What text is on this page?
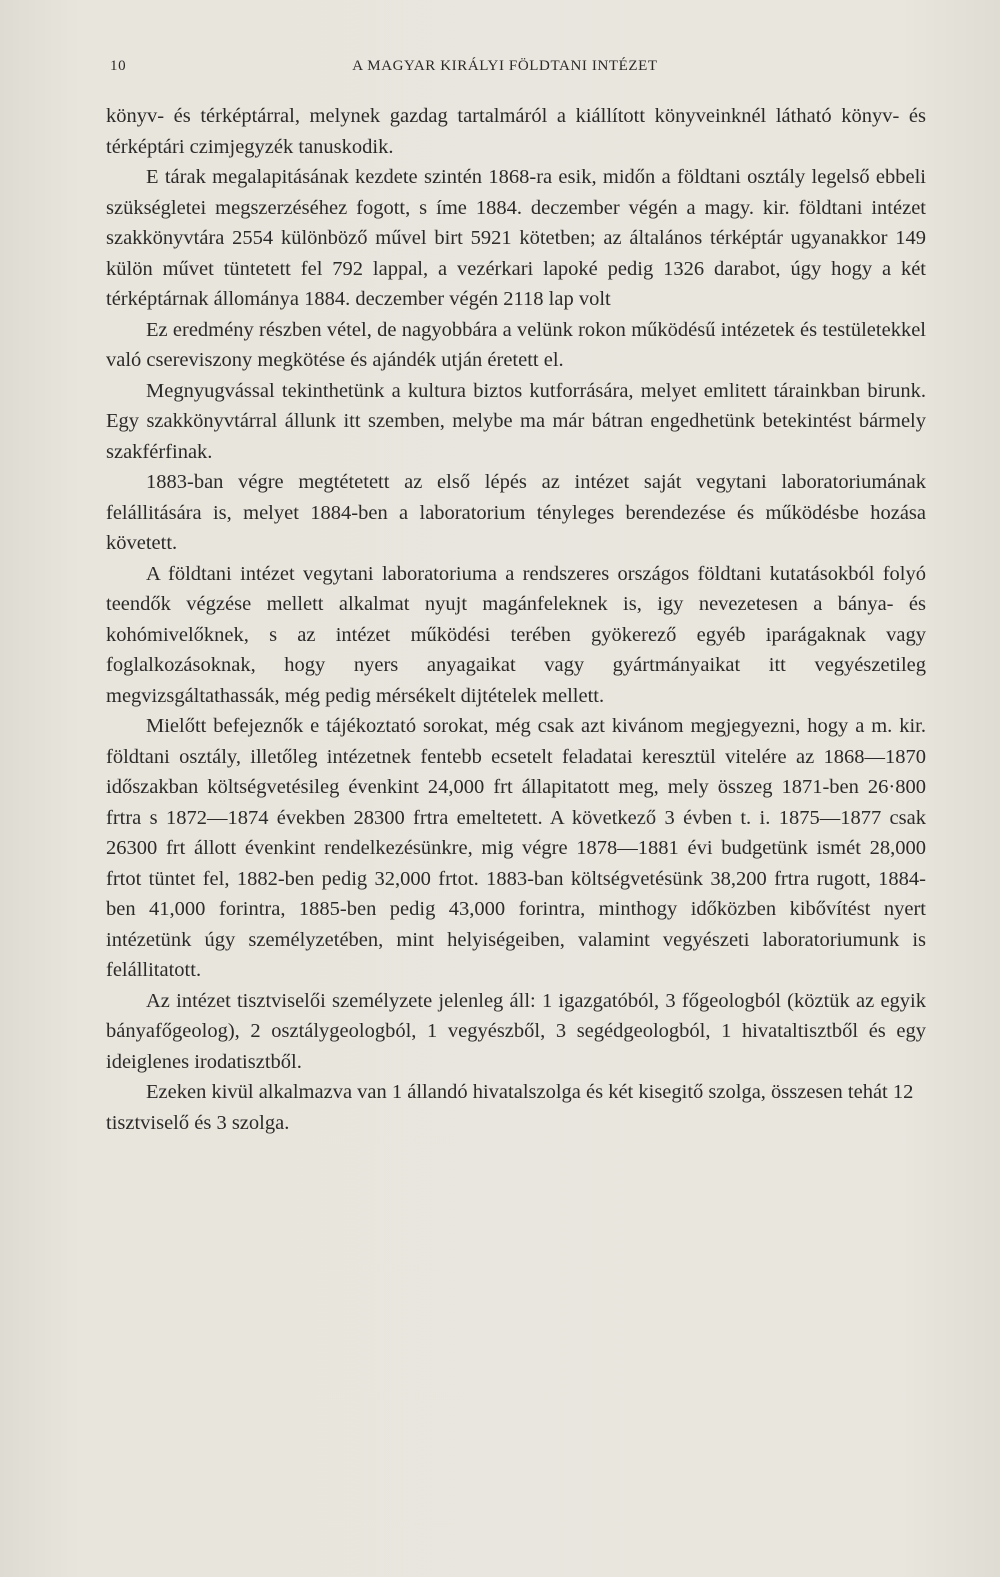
10	A MAGYAR KIRÁLYI FÖLDTANI INTÉZET

könyv- és térképtárral, melynek gazdag tartalmáról a kiállított könyveinknél látható könyv- és térképtári czimjegyzék tanuskodik.

E tárak megalapitásának kezdete szintén 1868-ra esik, midőn a földtani osztály legelső ebbeli szükségletei megszerzéséhez fogott, s íme 1884. deczember végén a magy. kir. földtani intézet szakkönyvtára 2554 különböző művel birt 5921 kötetben; az általános térképtár ugyanakkor 149 külön művet tüntetett fel 792 lappal, a vezérkari lapoké pedig 1326 darabot, úgy hogy a két térképtárnak állománya 1884. deczember végén 2118 lap volt

Ez eredmény részben vétel, de nagyobbára a velünk rokon működésű intézetek és testületekkel való csereviszony megkötése és ajándék utján éretett el.

Megnyugvással tekinthetünk a kultura biztos kutforrására, melyet emlitett tárainkban birunk. Egy szakkönyvtárral állunk itt szemben, melybe ma már bátran engedhetünk betekintést bármely szakférfinak.

1883-ban végre megtétetett az első lépés az intézet saját vegytani laboratoriumának felállitására is, melyet 1884-ben a laboratorium tényleges berendezése és működésbe hozása követett.

A földtani intézet vegytani laboratoriuma a rendszeres országos földtani kutatásokból folyó teendők végzése mellett alkalmat nyujt magánfeleknek is, igy nevezetesen a bánya- és kohómivelőknek, s az intézet működési terében gyökerező egyéb iparágaknak vagy foglalkozásoknak, hogy nyers anyagaikat vagy gyártmányaikat itt vegyészetileg megvizsgáltathassák, még pedig mérsékelt dijtételek mellett.

Mielőtt befejeznők e tájékoztató sorokat, még csak azt kivánom megjegyezni, hogy a m. kir. földtani osztály, illetőleg intézetnek fentebb ecsetelt feladatai keresztül vitelére az 1868—1870 időszakban költségvetésileg évenkint 24,000 frt állapitatott meg, mely összeg 1871-ben 26·800 frtra s 1872—1874 években 28300 frtra emeltetett. A következő 3 évben t. i. 1875—1877 csak 26300 frt állott évenkint rendelkezésünkre, mig végre 1878—1881 évi budgetünk ismét 28,000 frtot tüntet fel, 1882-ben pedig 32,000 frtot. 1883-ban költségvetésünk 38,200 frtra rugott, 1884-ben 41,000 forintra, 1885-ben pedig 43,000 forintra, minthogy időközben kibővítést nyert intézetünk úgy személyzetében, mint helyiségeiben, valamint vegyészeti laboratoriumunk is felállitatott.

Az intézet tisztviselői személyzete jelenleg áll: 1 igazgatóból, 3 főgeologból (köztük az egyik bányafőgeolog), 2 osztálygeologból, 1 vegyészből, 3 segédgeologból, 1 hivataltisztből és egy ideiglenes irodatisztből.

Ezeken kivül alkalmazva van 1 állandó hivatalszolga és két kisegitő szolga, összesen tehát 12 tisztviselő és 3 szolga.
